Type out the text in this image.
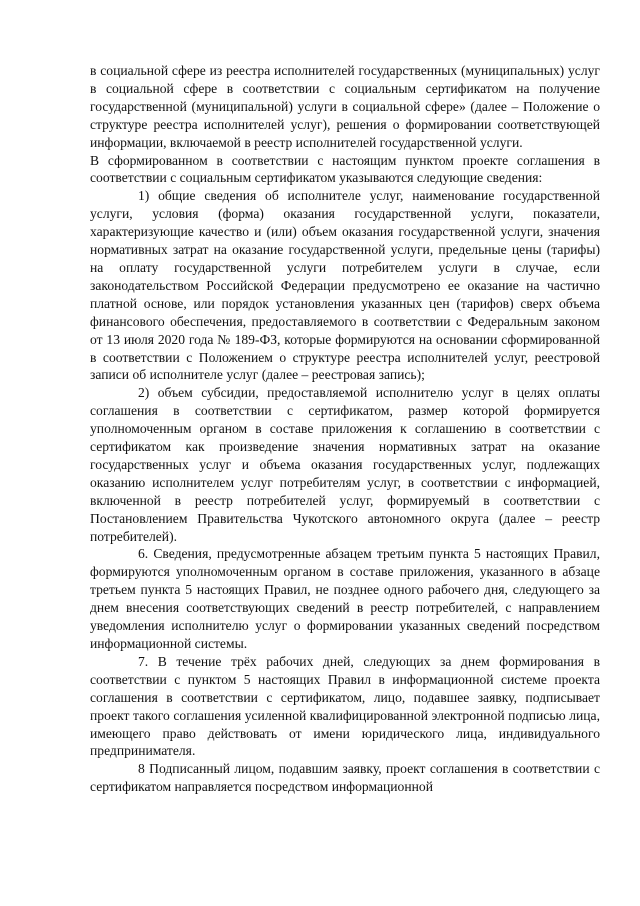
в социальной сфере из реестра исполнителей государственных (муниципальных) услуг в социальной сфере в соответствии с социальным сертификатом на получение государственной (муниципальной) услуги в социальной сфере» (далее – Положение о структуре реестра исполнителей услуг), решения о формировании соответствующей информации, включаемой в реестр исполнителей государственной услуги.

В сформированном в соответствии с настоящим пунктом проекте соглашения в соответствии с социальным сертификатом указываются следующие сведения:

1) общие сведения об исполнителе услуг, наименование государственной услуги, условия (форма) оказания государственной услуги, показатели, характеризующие качество и (или) объем оказания государственной услуги, значения нормативных затрат на оказание государственной услуги, предельные цены (тарифы) на оплату государственной услуги потребителем услуги в случае, если законодательством Российской Федерации предусмотрено ее оказание на частично платной основе, или порядок установления указанных цен (тарифов) сверх объема финансового обеспечения, предоставляемого в соответствии с Федеральным законом от 13 июля 2020 года № 189-ФЗ, которые формируются на основании сформированной в соответствии с Положением о структуре реестра исполнителей услуг, реестровой записи об исполнителе услуг (далее – реестровая запись);

2) объем субсидии, предоставляемой исполнителю услуг в целях оплаты соглашения в соответствии с сертификатом, размер которой формируется уполномоченным органом в составе приложения к соглашению в соответствии с сертификатом как произведение значения нормативных затрат на оказание государственных услуг и объема оказания государственных услуг, подлежащих оказанию исполнителем услуг потребителям услуг, в соответствии с информацией, включенной в реестр потребителей услуг, формируемый в соответствии с Постановлением Правительства Чукотского автономного округа (далее – реестр потребителей).

6. Сведения, предусмотренные абзацем третьим пункта 5 настоящих Правил, формируются уполномоченным органом в составе приложения, указанного в абзаце третьем пункта 5 настоящих Правил, не позднее одного рабочего дня, следующего за днем внесения соответствующих сведений в реестр потребителей, с направлением уведомления исполнителю услуг о формировании указанных сведений посредством информационной системы.

7. В течение трёх рабочих дней, следующих за днем формирования в соответствии с пунктом 5 настоящих Правил в информационной системе проекта соглашения в соответствии с сертификатом, лицо, подавшее заявку, подписывает проект такого соглашения усиленной квалифицированной электронной подписью лица, имеющего право действовать от имени юридического лица, индивидуального предпринимателя.

8 Подписанный лицом, подавшим заявку, проект соглашения в соответствии с сертификатом направляется посредством информационной
